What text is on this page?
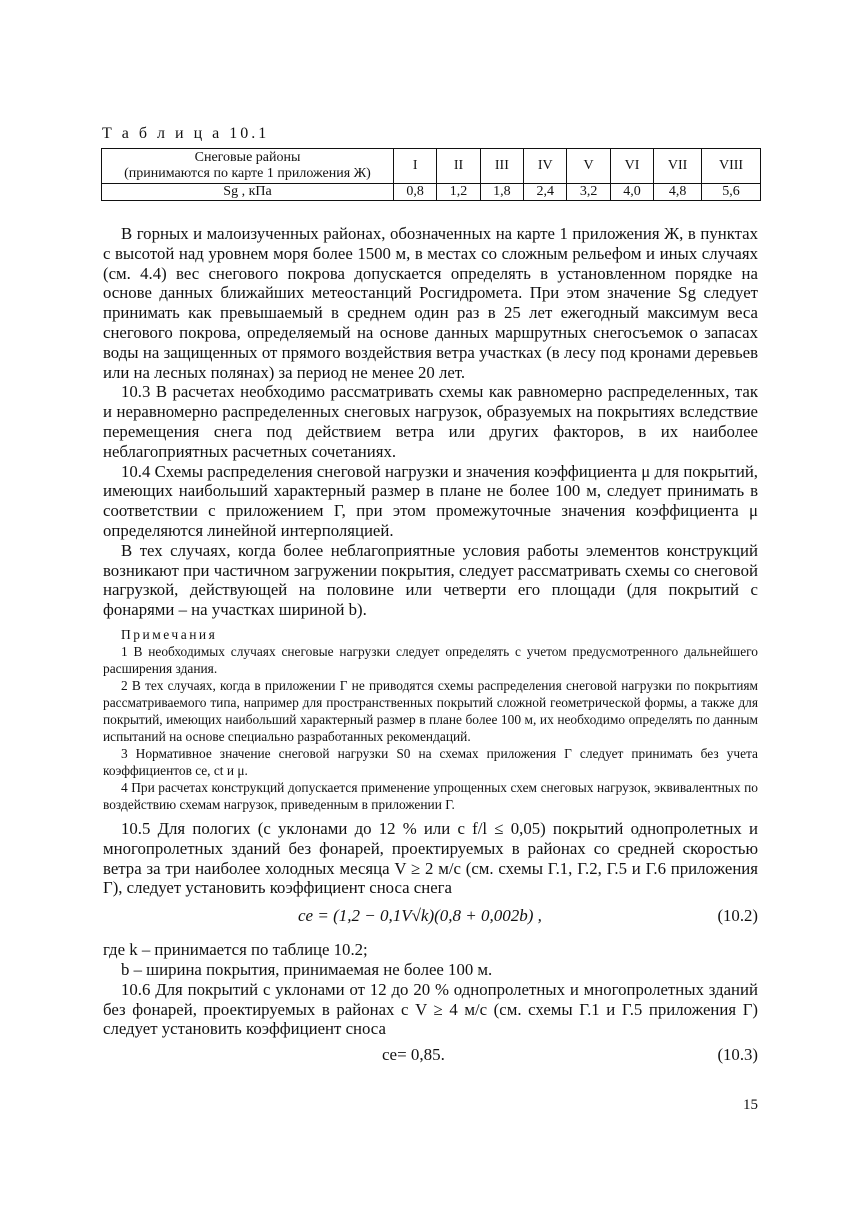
Т а б л и ц а 10.1
Снеговые районы
(принимаются по карте 1 приложения Ж)	I	II	III	IV	V	VI	VII	VIII
Sg , кПа	0,8	1,2	1,8	2,4	3,2	4,0	4,8	5,6

В горных и малоизученных районах, обозначенных на карте 1 приложения Ж, в пунктах с высотой над уровнем моря более 1500 м, в местах со сложным рельефом и иных случаях (см. 4.4) вес снегового покрова допускается определять в установленном порядке на основе данных ближайших метеостанций Росгидромета. При этом значение Sg следует принимать как превышаемый в среднем один раз в 25 лет ежегодный максимум веса снегового покрова, определяемый на основе данных маршрутных снегосъемок о запасах воды на защищенных от прямого воздействия ветра участках (в лесу под кронами деревьев или на лесных полянах) за период не менее 20 лет.

10.3 В расчетах необходимо рассматривать схемы как равномерно распределенных, так и неравномерно распределенных снеговых нагрузок, образуемых на покрытиях вследствие перемещения снега под действием ветра или других факторов, в их наиболее неблагоприятных расчетных сочетаниях.

10.4 Схемы распределения снеговой нагрузки и значения коэффициента μ для покрытий, имеющих наибольший характерный размер в плане не более 100 м, следует принимать в соответствии с приложением Г, при этом промежуточные значения коэффициента μ определяются линейной интерполяцией.

В тех случаях, когда более неблагоприятные условия работы элементов конструкций возникают при частичном загружении покрытия, следует рассматривать схемы со снеговой нагрузкой, действующей на половине или четверти его площади (для покрытий с фонарями – на участках шириной b).

Примечания

1 В необходимых случаях снеговые нагрузки следует определять с учетом предусмотренного дальнейшего расширения здания.

2 В тех случаях, когда в приложении Г не приводятся схемы распределения снеговой нагрузки по покрытиям рассматриваемого типа, например для пространственных покрытий сложной геометрической формы, а также для покрытий, имеющих наибольший характерный размер в плане более 100 м, их необходимо определять по данным испытаний на основе специально разработанных рекомендаций.

3 Нормативное значение снеговой нагрузки S0 на схемах приложения Г следует принимать без учета коэффициентов ce, ct и μ.

4 При расчетах конструкций допускается применение упрощенных схем снеговых нагрузок, эквивалентных по воздействию схемам нагрузок, приведенным в приложении Г.

10.5 Для пологих (с уклонами до 12 % или с f/l ≤ 0,05) покрытий однопролетных и многопролетных зданий без фонарей, проектируемых в районах со средней скоростью ветра за три наиболее холодных месяца V ≥ 2 м/с (см. схемы Г.1, Г.2, Г.5 и Г.6 приложения Г), следует установить коэффициент сноса снега

ce = (1,2 − 0,1V√k)(0,8 + 0,002b) ,	(10.2)

где k – принимается по таблице 10.2;

b – ширина покрытия, принимаемая не более 100 м.

10.6 Для покрытий с уклонами от 12 до 20 % однопролетных и многопролетных зданий без фонарей, проектируемых в районах с V ≥ 4 м/с (см. схемы Г.1 и Г.5 приложения Г) следует установить коэффициент сноса

ce= 0,85.	(10.3)
15
